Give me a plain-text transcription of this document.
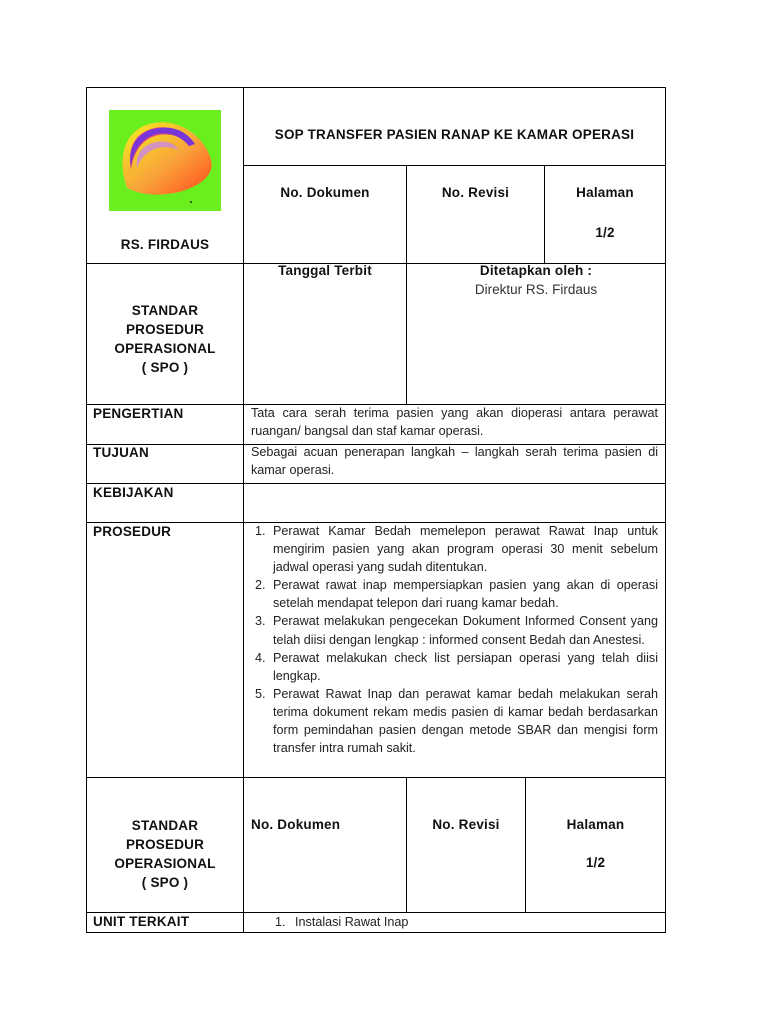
RS. FIRDAUS
SOP TRANSFER PASIEN RANAP KE KAMAR OPERASI
No. Dokumen	No. Revisi	Halaman
1/2
STANDAR
PROSEDUR
OPERASIONAL
( SPO )
Tanggal Terbit	Ditetapkan oleh :
Direktur RS. Firdaus
PENGERTIAN	Tata cara serah terima pasien yang akan dioperasi antara perawat ruangan/ bangsal dan staf kamar operasi.
TUJUAN	Sebagai acuan penerapan langkah – langkah serah terima pasien di kamar operasi.
KEBIJAKAN
PROSEDUR	1. Perawat Kamar Bedah memelepon perawat Rawat Inap untuk mengirim pasien yang akan program operasi 30 menit sebelum jadwal operasi yang sudah ditentukan.
2. Perawat rawat inap mempersiapkan pasien yang akan di operasi setelah mendapat telepon dari ruang kamar bedah.
3. Perawat melakukan pengecekan Dokument Informed Consent yang telah diisi dengan lengkap : informed consent Bedah dan Anestesi.
4. Perawat melakukan check list persiapan operasi yang telah diisi lengkap.
5. Perawat Rawat Inap dan perawat kamar bedah melakukan serah terima dokument rekam medis pasien di kamar bedah berdasarkan form pemindahan pasien dengan metode SBAR dan mengisi form transfer intra rumah sakit.
STANDAR
PROSEDUR
OPERASIONAL
( SPO )
No. Dokumen	No. Revisi	Halaman
1/2
UNIT TERKAIT	1. Instalasi Rawat Inap
